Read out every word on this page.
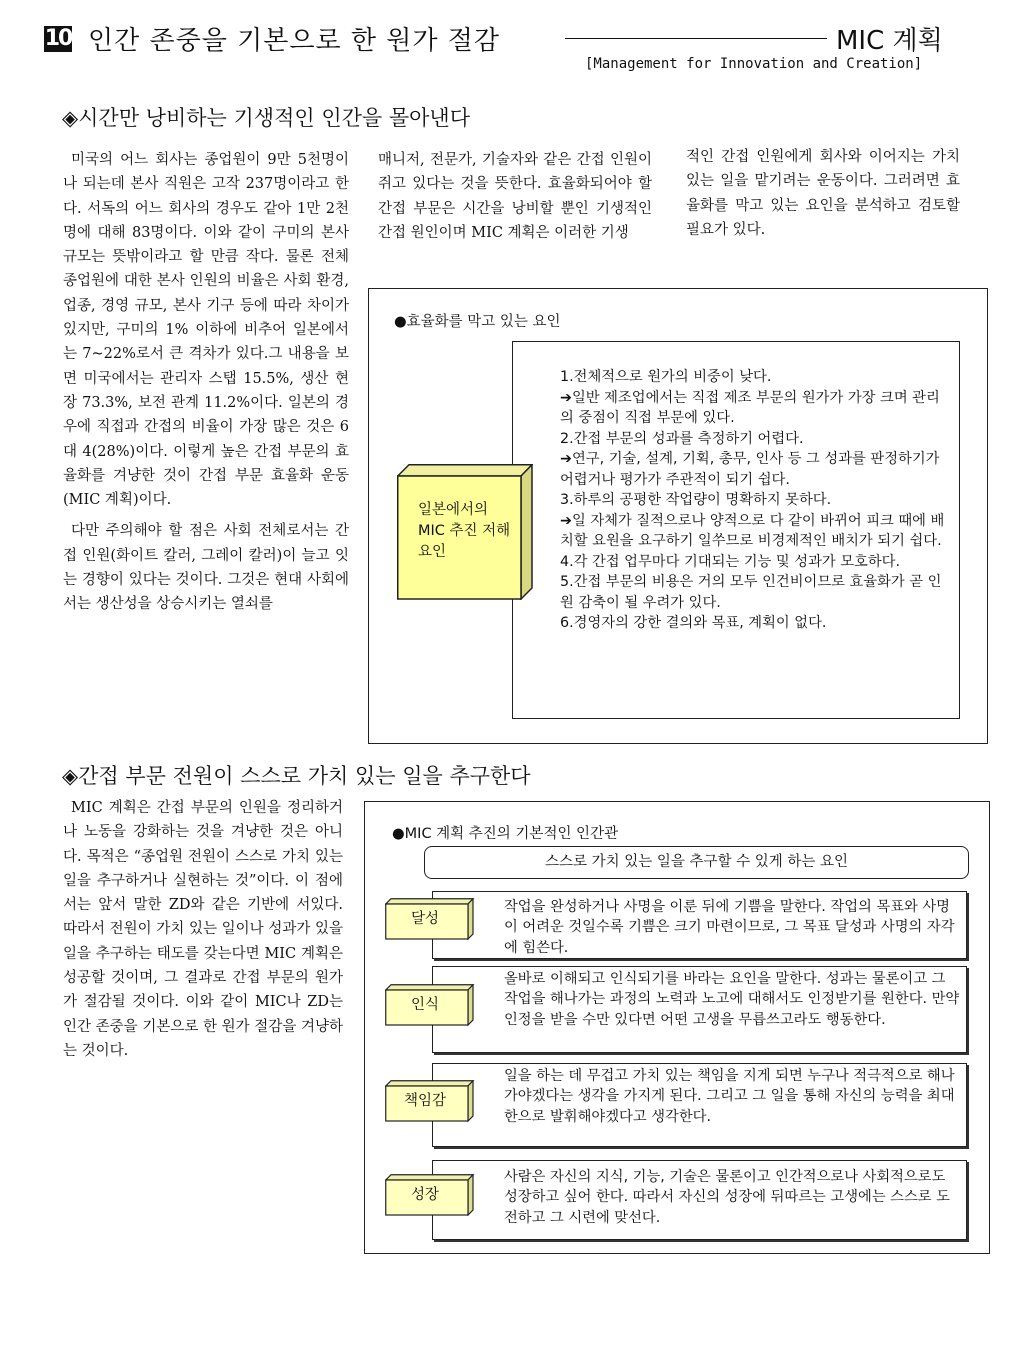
10 인간 존중을 기본으로 한 원가 절감	MIC 계획
[Management for Innovation and Creation]
◈시간만 낭비하는 기생적인 인간을 몰아낸다

미국의 어느 회사는 종업원이 9만 5천명이나 되는데 본사 직원은 고작 237명이라고 한다. 서독의 어느 회사의 경우도 같아 1만 2천명에 대해 83명이다. 이와 같이 구미의 본사 규모는 뜻밖이라고 할 만큼 작다. 물론 전체 종업원에 대한 본사 인원의 비율은 사회 환경, 업종, 경영 규모, 본사 기구 등에 따라 차이가 있지만, 구미의 1% 이하에 비추어 일본에서는 7~22%로서 큰 격차가 있다.그 내용을 보면 미국에서는 관리자 스탭 15.5%, 생산 현장 73.3%, 보전 관계 11.2%이다. 일본의 경우에 직접과 간접의 비율이 가장 많은 것은 6대 4(28%)이다. 이렇게 높은 간접 부문의 효율화를 겨냥한 것이 간접 부문 효율화 운동(MIC 계획)이다.

다만 주의해야 할 점은 사회 전체로서는 간접 인원(화이트 칼러, 그레이 칼러)이 늘고 잇는 경향이 있다는 것이다. 그것은 현대 사회에서는 생산성을 상승시키는 열쇠를

매니저, 전문가, 기술자와 같은 간접 인원이 쥐고 있다는 것을 뜻한다. 효율화되어야 할 간접 부문은 시간을 낭비할 뿐인 기생적인 간접 원인이며 MIC 계획은 이러한 기생

적인 간접 인원에게 회사와 이어지는 가치있는 일을 맡기려는 운동이다. 그러려면 효율화를 막고 있는 요인을 분석하고 검토할 필요가 있다.

●효율화를 막고 있는 요인
1.전체적으로 원가의 비중이 낮다.
➔일반 제조업에서는 직접 제조 부문의 원가가 가장 크며 관리의 중점이 직접 부문에 있다.
2.간접 부문의 성과를 측정하기 어렵다.
➔연구, 기술, 설계, 기획, 총무, 인사 등 그 성과를 판정하기가 어렵거나 평가가 주관적이 되기 쉽다.
3.하루의 공평한 작업량이 명확하지 못하다.
➔일 자체가 질적으로나 양적으로 다 같이 바뀌어 피크 때에 배치할 요원을 요구하기 일쑤므로 비경제적인 배치가 되기 쉽다.
4.각 간접 업무마다 기대되는 기능 및 성과가 모호하다.
5.간접 부문의 비용은 거의 모두 인건비이므로 효율화가 곧 인원 감축이 될 우려가 있다.
6.경영자의 강한 결의와 목표, 계획이 없다.
일본에서의 MIC 추진 저해 요인
◈간접 부문 전원이 스스로 가치 있는 일을 추구한다

MIC 계획은 간접 부문의 인원을 정리하거나 노동을 강화하는 것을 겨냥한 것은 아니다. 목적은 “종업원 전원이 스스로 가치 있는 일을 추구하거나 실현하는 것”이다. 이 점에서는 앞서 말한 ZD와 같은 기반에 서있다. 따라서 전원이 가치 있는 일이나 성과가 있을 일을 추구하는 태도를 갖는다면 MIC 계획은 성공할 것이며, 그 결과로 간접 부문의 원가가 절감될 것이다. 이와 같이 MIC나 ZD는 인간 존중을 기본으로 한 원가 절감을 겨냥하는 것이다.

●MIC 계획 추진의 기본적인 인간관
스스로 가치 있는 일을 추구할 수 있게 하는 요인
달성
작업을 완성하거나 사명을 이룬 뒤에 기쁨을 말한다. 작업의 목표와 사명이 어려운 것일수록 기쁨은 크기 마련이므로, 그 목표 달성과 사명의 자각에 힘쓴다.
인식
올바로 이해되고 인식되기를 바라는 요인을 말한다. 성과는 물론이고 그 작업을 해나가는 과정의 노력과 노고에 대해서도 인정받기를 원한다. 만약 인정을 받을 수만 있다면 어떤 고생을 무릅쓰고라도 행동한다.
책임감
일을 하는 데 무겁고 가치 있는 책임을 지게 되면 누구나 적극적으로 해나가야겠다는 생각을 가지게 된다. 그리고 그 일을 통해 자신의 능력을 최대한으로 발휘해야겠다고 생각한다.
성장
사람은 자신의 지식, 기능, 기술은 물론이고 인간적으로나 사회적으로도 성장하고 싶어 한다. 따라서 자신의 성장에 뒤따르는 고생에는 스스로 도전하고 그 시련에 맞선다.
